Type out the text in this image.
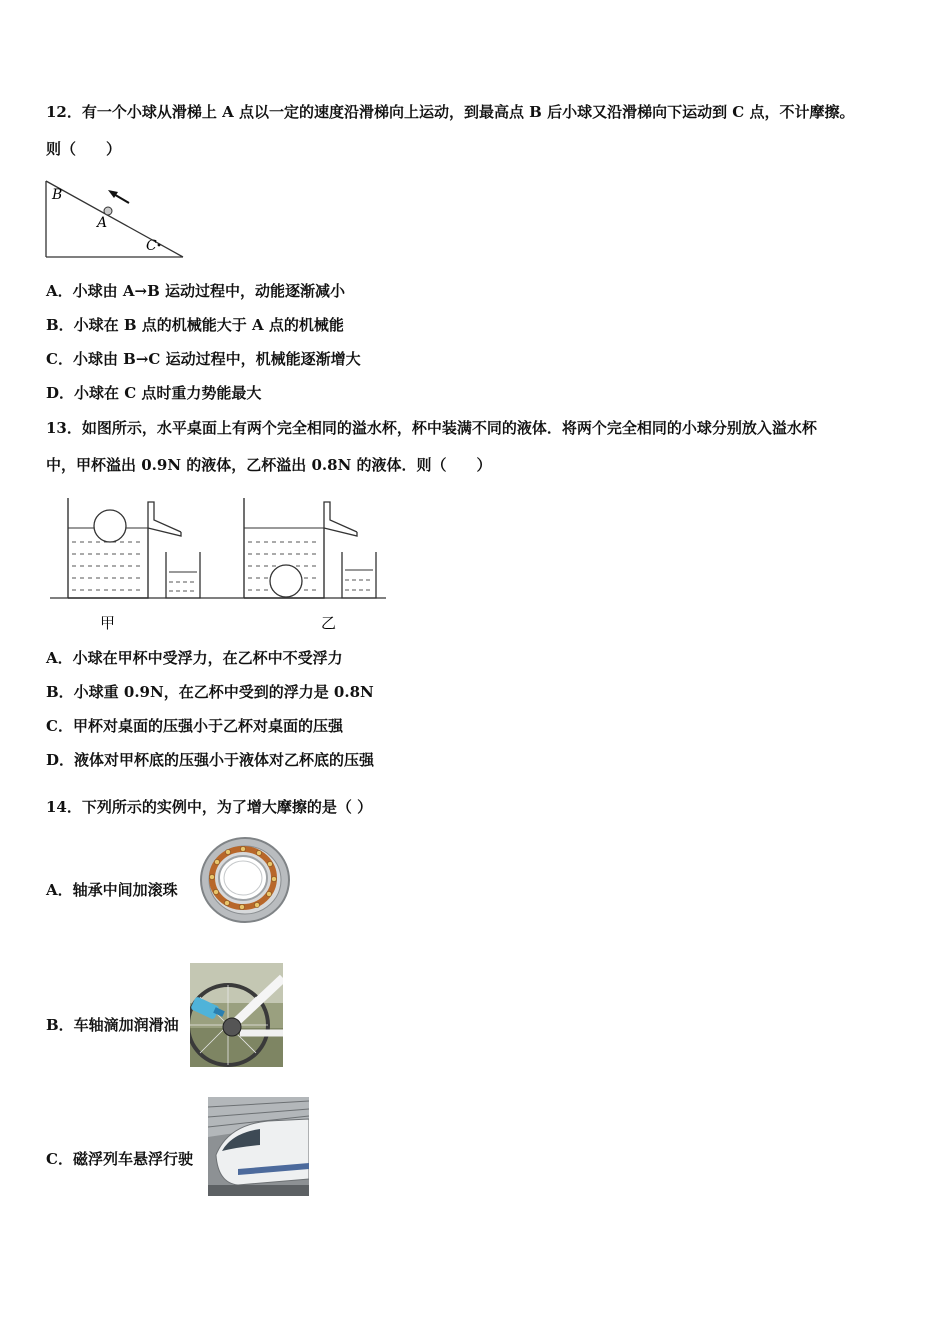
12．有一个小球从滑梯上 A 点以一定的速度沿滑梯向上运动，到最高点 B 后小球又沿滑梯向下运动到 C 点，不计摩擦。
则（　　）
B
A
C
A．小球由 A→B 运动过程中，动能逐渐减小
B．小球在 B 点的机械能大于 A 点的机械能
C．小球由 B→C 运动过程中，机械能逐渐增大
D．小球在 C 点时重力势能最大
13．如图所示，水平桌面上有两个完全相同的溢水杯，杯中装满不同的液体．将两个完全相同的小球分别放入溢水杯
中，甲杯溢出 0.9N 的液体，乙杯溢出 0.8N 的液体．则（　　）
甲	乙
A．小球在甲杯中受浮力，在乙杯中不受浮力
B．小球重 0.9N，在乙杯中受到的浮力是 0.8N
C．甲杯对桌面的压强小于乙杯对桌面的压强
D．液体对甲杯底的压强小于液体对乙杯底的压强
14．下列所示的实例中，为了增大摩擦的是（ ）
A．轴承中间加滚珠
B．车轴滴加润滑油
C．磁浮列车悬浮行驶
